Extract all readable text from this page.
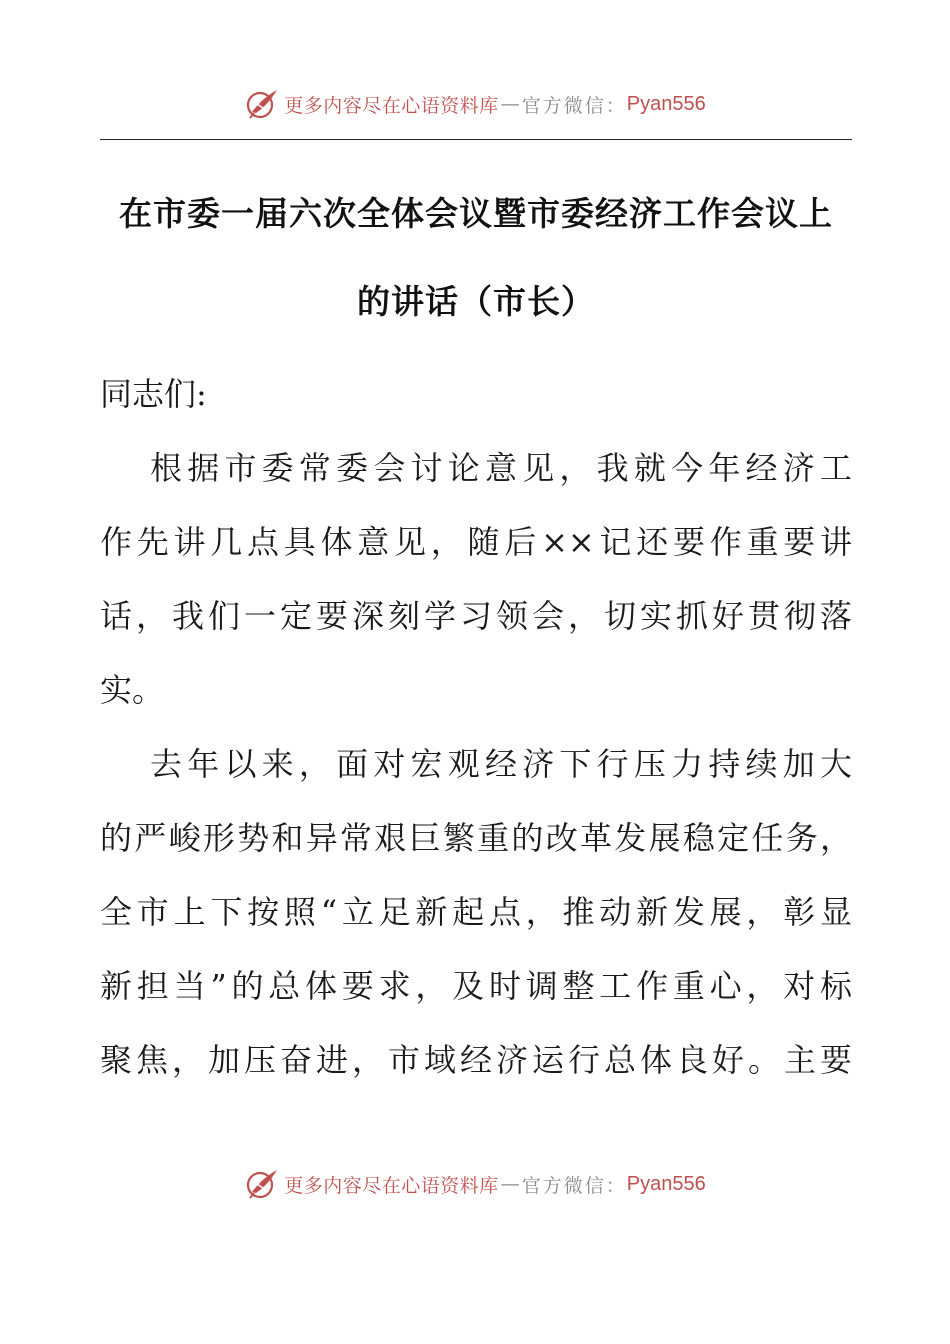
更多内容尽在心语资料库 — 官方微信： Pyan556
在市委一届六次全体会议暨市委经济工作会议上
的讲话（市长）
同志们:
根据市委常委会讨论意见，我就今年经济工
作先讲几点具体意见，随后××记还要作重要讲
话，我们一定要深刻学习领会，切实抓好贯彻落
实。
去年以来，面对宏观经济下行压力持续加大
的严峻形势和异常艰巨繁重的改革发展稳定任务，
全市上下按照“立足新起点，推动新发展，彰显
新担当”的总体要求，及时调整工作重心，对标
聚焦，加压奋进，市域经济运行总体良好。主要
更多内容尽在心语资料库 — 官方微信： Pyan556
